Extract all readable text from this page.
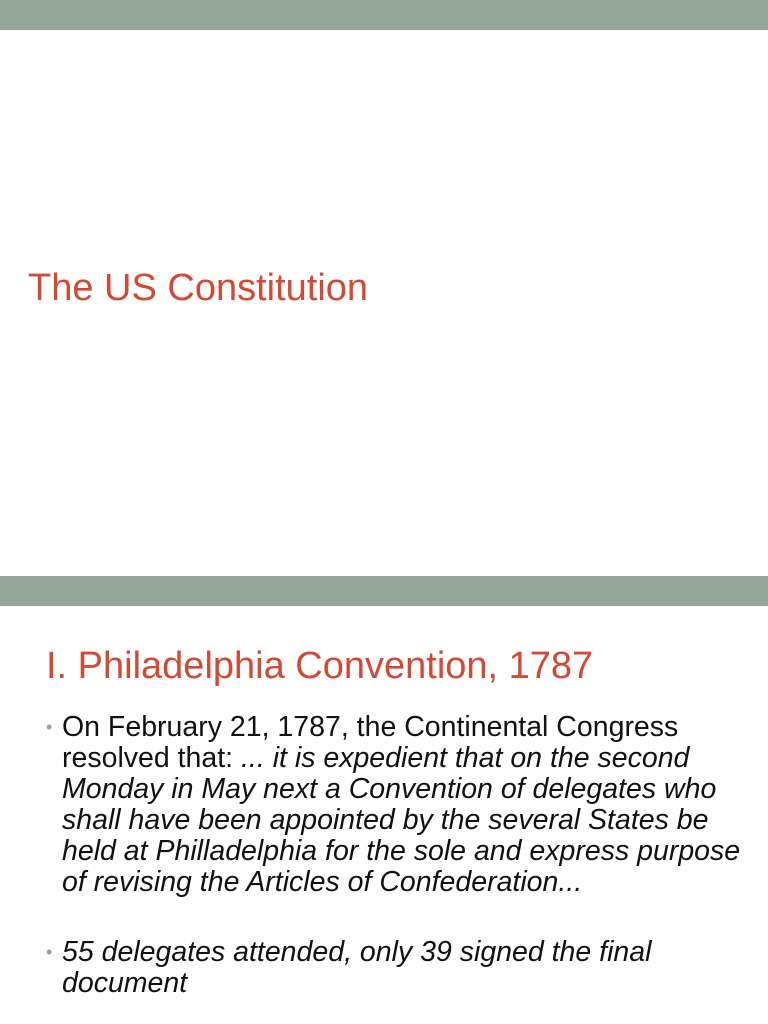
The US Constitution
I. Philadelphia Convention, 1787
• On February 21, 1787, the Continental Congress resolved that: ... it is expedient that on the second Monday in May next a Convention of delegates who shall have been appointed by the several States be held at Philladelphia for the sole and express purpose of revising the Articles of Confederation...
• 55 delegates attended, only 39 signed the final document
